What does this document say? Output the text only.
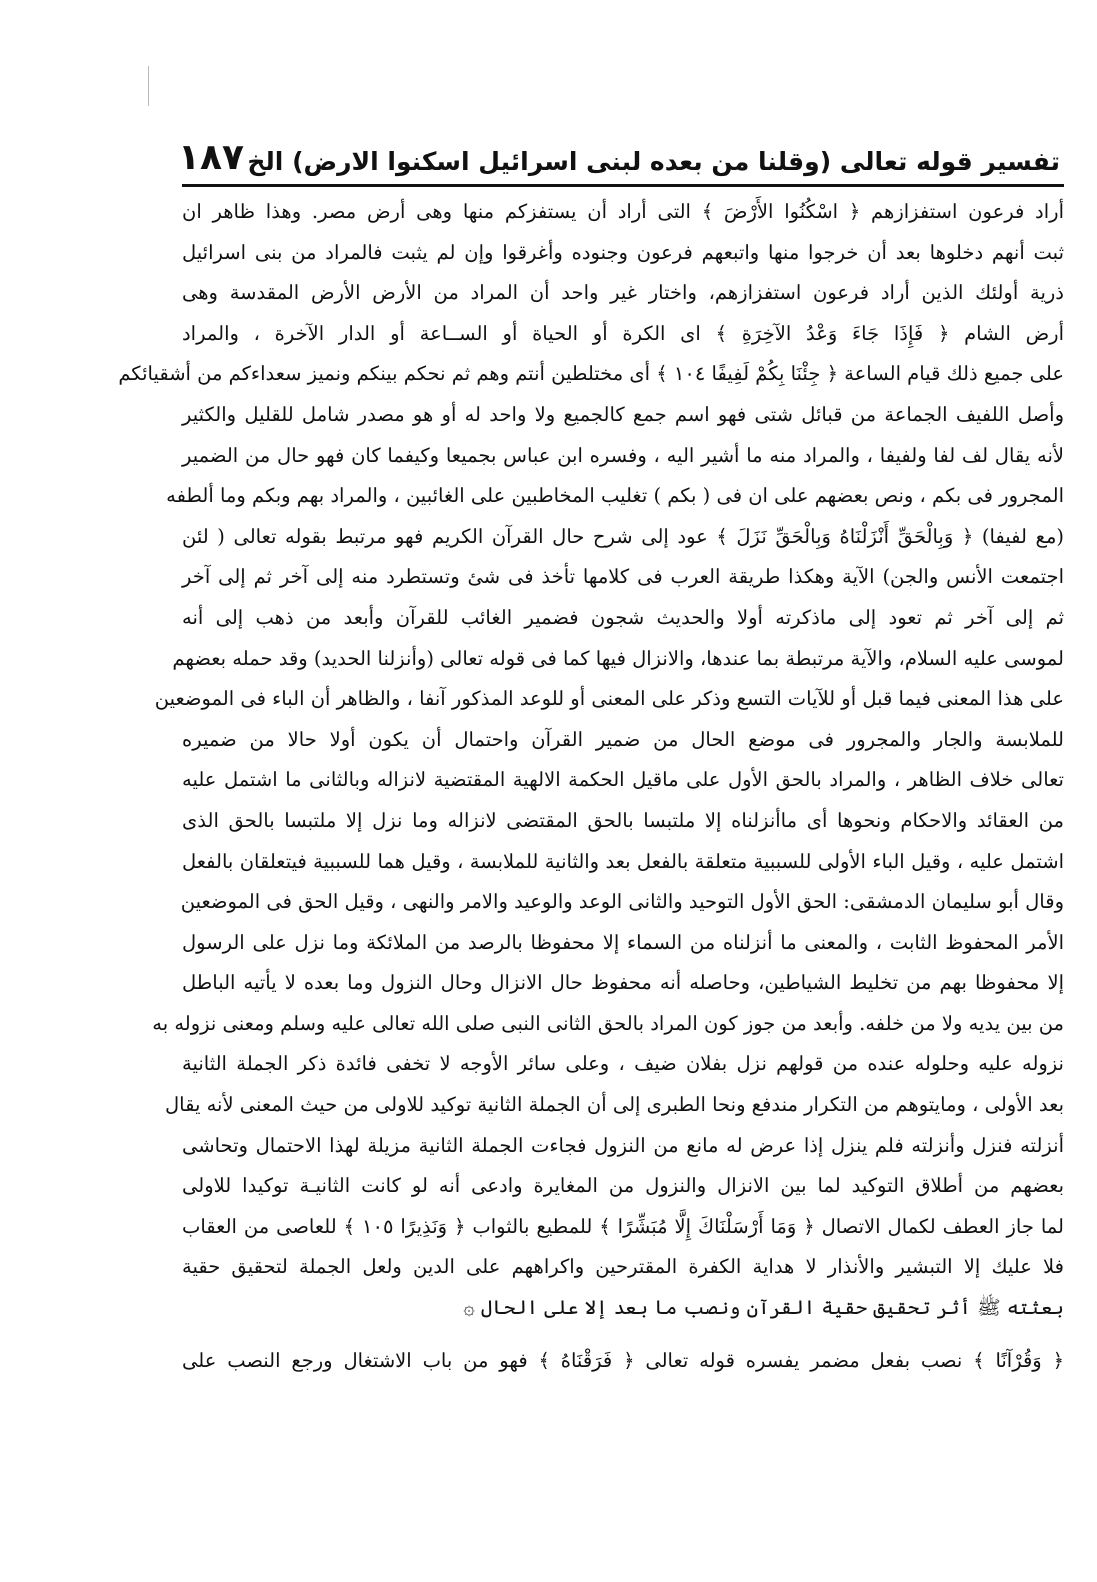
تفسير قوله تعالى (وقلنا من بعده لبنى اسرائيل اسكنوا الارض) الخ
١٨٧
أراد فرعون استفزازهم ﴿ اسْكُنُوا الأَرْضَ ﴾ التى أراد أن يستفزكم منها وهى أرض مصر. وهذا ظاهر ان
ثبت أنهم دخلوها بعد أن خرجوا منها واتبعهم فرعون وجنوده وأغرقوا وإن لم يثبت فالمراد من بنى اسرائيل
ذرية أولئك الذين أراد فرعون استفزازهم، واختار غير واحد أن المراد من الأرض الأرض المقدسة وهى
أرض الشام ﴿ فَإِذَا جَاءَ وَعْدُ الآخِرَةِ ﴾ اى الكرة أو الحياة أو الســاعة أو الدار الآخرة ، والمراد
على جميع ذلك قيام الساعة ﴿ جِئْنَا بِكُمْ لَفِيفًا ١٠٤ ﴾ أى مختلطين أنتم وهم ثم نحكم بينكم ونميز سعداءكم من أشقيائكم
وأصل اللفيف الجماعة من قبائل شتى فهو اسم جمع كالجميع ولا واحد له أو هو مصدر شامل للقليل والكثير
لأنه يقال لف لفا ولفيفا ، والمراد منه ما أشير اليه ، وفسره ابن عباس بجميعا وكيفما كان فهو حال من الضمير
المجرور فى بكم ، ونص بعضهم على ان فى ( بكم ) تغليب المخاطبين على الغائبين ، والمراد بهم وبكم وما ألطفه
(مع لفيفا) ﴿ وَبِالْحَقِّ أَنْزَلْنَاهُ وَبِالْحَقِّ نَزَلَ ﴾ عود إلى شرح حال القرآن الكريم فهو مرتبط بقوله تعالى ( لئن
اجتمعت الأنس والجن) الآية وهكذا طريقة العرب فى كلامها تأخذ فى شئ وتستطرد منه إلى آخر ثم إلى آخر
ثم إلى آخر ثم تعود إلى ماذكرته أولا والحديث شجون فضمير الغائب للقرآن وأبعد من ذهب إلى أنه
لموسى عليه السلام، والآية مرتبطة بما عندها، والانزال فيها كما فى قوله تعالى (وأنزلنا الحديد) وقد حمله بعضهم
على هذا المعنى فيما قبل أو للآيات التسع وذكر على المعنى أو للوعد المذكور آنفا ، والظاهر أن الباء فى الموضعين
للملابسة والجار والمجرور فى موضع الحال من ضمير القرآن واحتمال أن يكون أولا حالا من ضميره
تعالى خلاف الظاهر ، والمراد بالحق الأول على ماقيل الحكمة الالهية المقتضية لانزاله وبالثانى ما اشتمل عليه
من العقائد والاحكام ونحوها أى ماأنزلناه إلا ملتبسا بالحق المقتضى لانزاله وما نزل إلا ملتبسا بالحق الذى
اشتمل عليه ، وقيل الباء الأولى للسببية متعلقة بالفعل بعد والثانية للملابسة ، وقيل هما للسببية فيتعلقان بالفعل
وقال أبو سليمان الدمشقى: الحق الأول التوحيد والثانى الوعد والوعيد والامر والنهى ، وقيل الحق فى الموضعين
الأمر المحفوظ الثابت ، والمعنى ما أنزلناه من السماء إلا محفوظا بالرصد من الملائكة وما نزل على الرسول
إلا محفوظا بهم من تخليط الشياطين، وحاصله أنه محفوظ حال الانزال وحال النزول وما بعده لا يأتيه الباطل
من بين يديه ولا من خلفه. وأبعد من جوز كون المراد بالحق الثانى النبى صلى الله تعالى عليه وسلم ومعنى نزوله به
نزوله عليه وحلوله عنده من قولهم نزل بفلان ضيف ، وعلى سائر الأوجه لا تخفى فائدة ذكر الجملة الثانية
بعد الأولى ، ومايتوهم من التكرار مندفع ونحا الطبرى إلى أن الجملة الثانية توكيد للاولى من حيث المعنى لأنه يقال
أنزلته فنزل وأنزلته فلم ينزل إذا عرض له مانع من النزول فجاءت الجملة الثانية مزيلة لهذا الاحتمال وتحاشى
بعضهم من أطلاق التوكيد لما بين الانزال والنزول من المغايرة وادعى أنه لو كانت الثانيـة توكيدا للاولى
لما جاز العطف لكمال الاتصال ﴿ وَمَا أَرْسَلْنَاكَ إِلَّا مُبَشِّرًا ﴾ للمطيع بالثواب ﴿ وَنَذِيرًا ١٠٥ ﴾ للعاصى من العقاب
فلا عليك إلا التبشير والأنذار لا هداية الكفرة المقترحين واكراههم على الدين ولعل الجملة لتحقيق حقية
بعثته ﷺ أثر تحقيق حقية القرآن ونصب ما بعد إلا على الحال ۞
﴿ وَقُرْآنًا ﴾ نصب بفعل مضمر يفسره قوله تعالى ﴿ فَرَقْنَاهُ ﴾ فهو من باب الاشتغال ورجع النصب على
